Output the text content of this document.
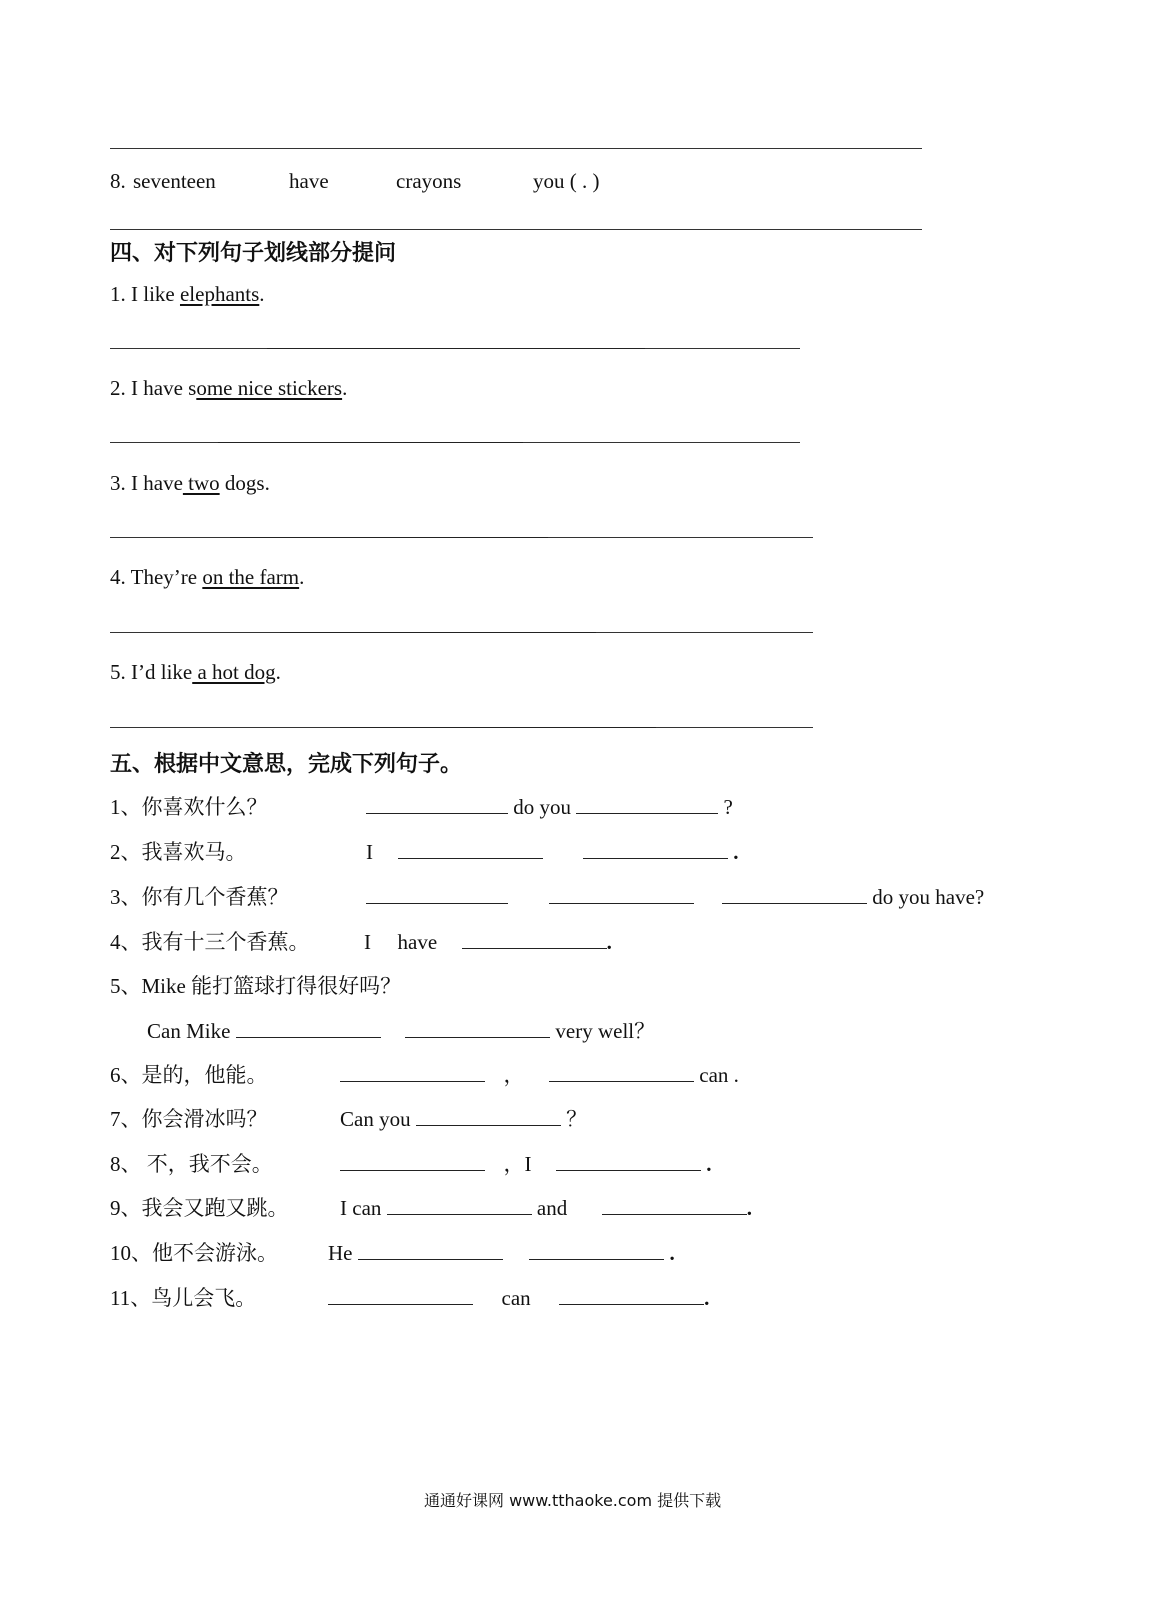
8. seventeen	have	crayons	you ( . )
四、对下列句子划线部分提问
1. I like elephants.
2. I have some nice stickers.
3. I have two dogs.
4. They’re on the farm.
5. I’d like a hot dog.
五、根据中文意思，完成下列句子。
1、你喜欢什么？	do you	?
2、我喜欢马。	I	.
3、你有几个香蕉？	do you have?
4、我有十三个香蕉。	I have	.
5、Mike 能打篮球打得很好吗？
Can Mike	very well？
6、是的，他能。	，	can .
7、你会滑冰吗？	Can you	？
8、 不，我不会。	，I	.
9、我会又跑又跳。 I can	and	.
10、他不会游泳。 He	.
11、鸟儿会飞。	can	.
通通好课网 www.tthaoke.com 提供下载
